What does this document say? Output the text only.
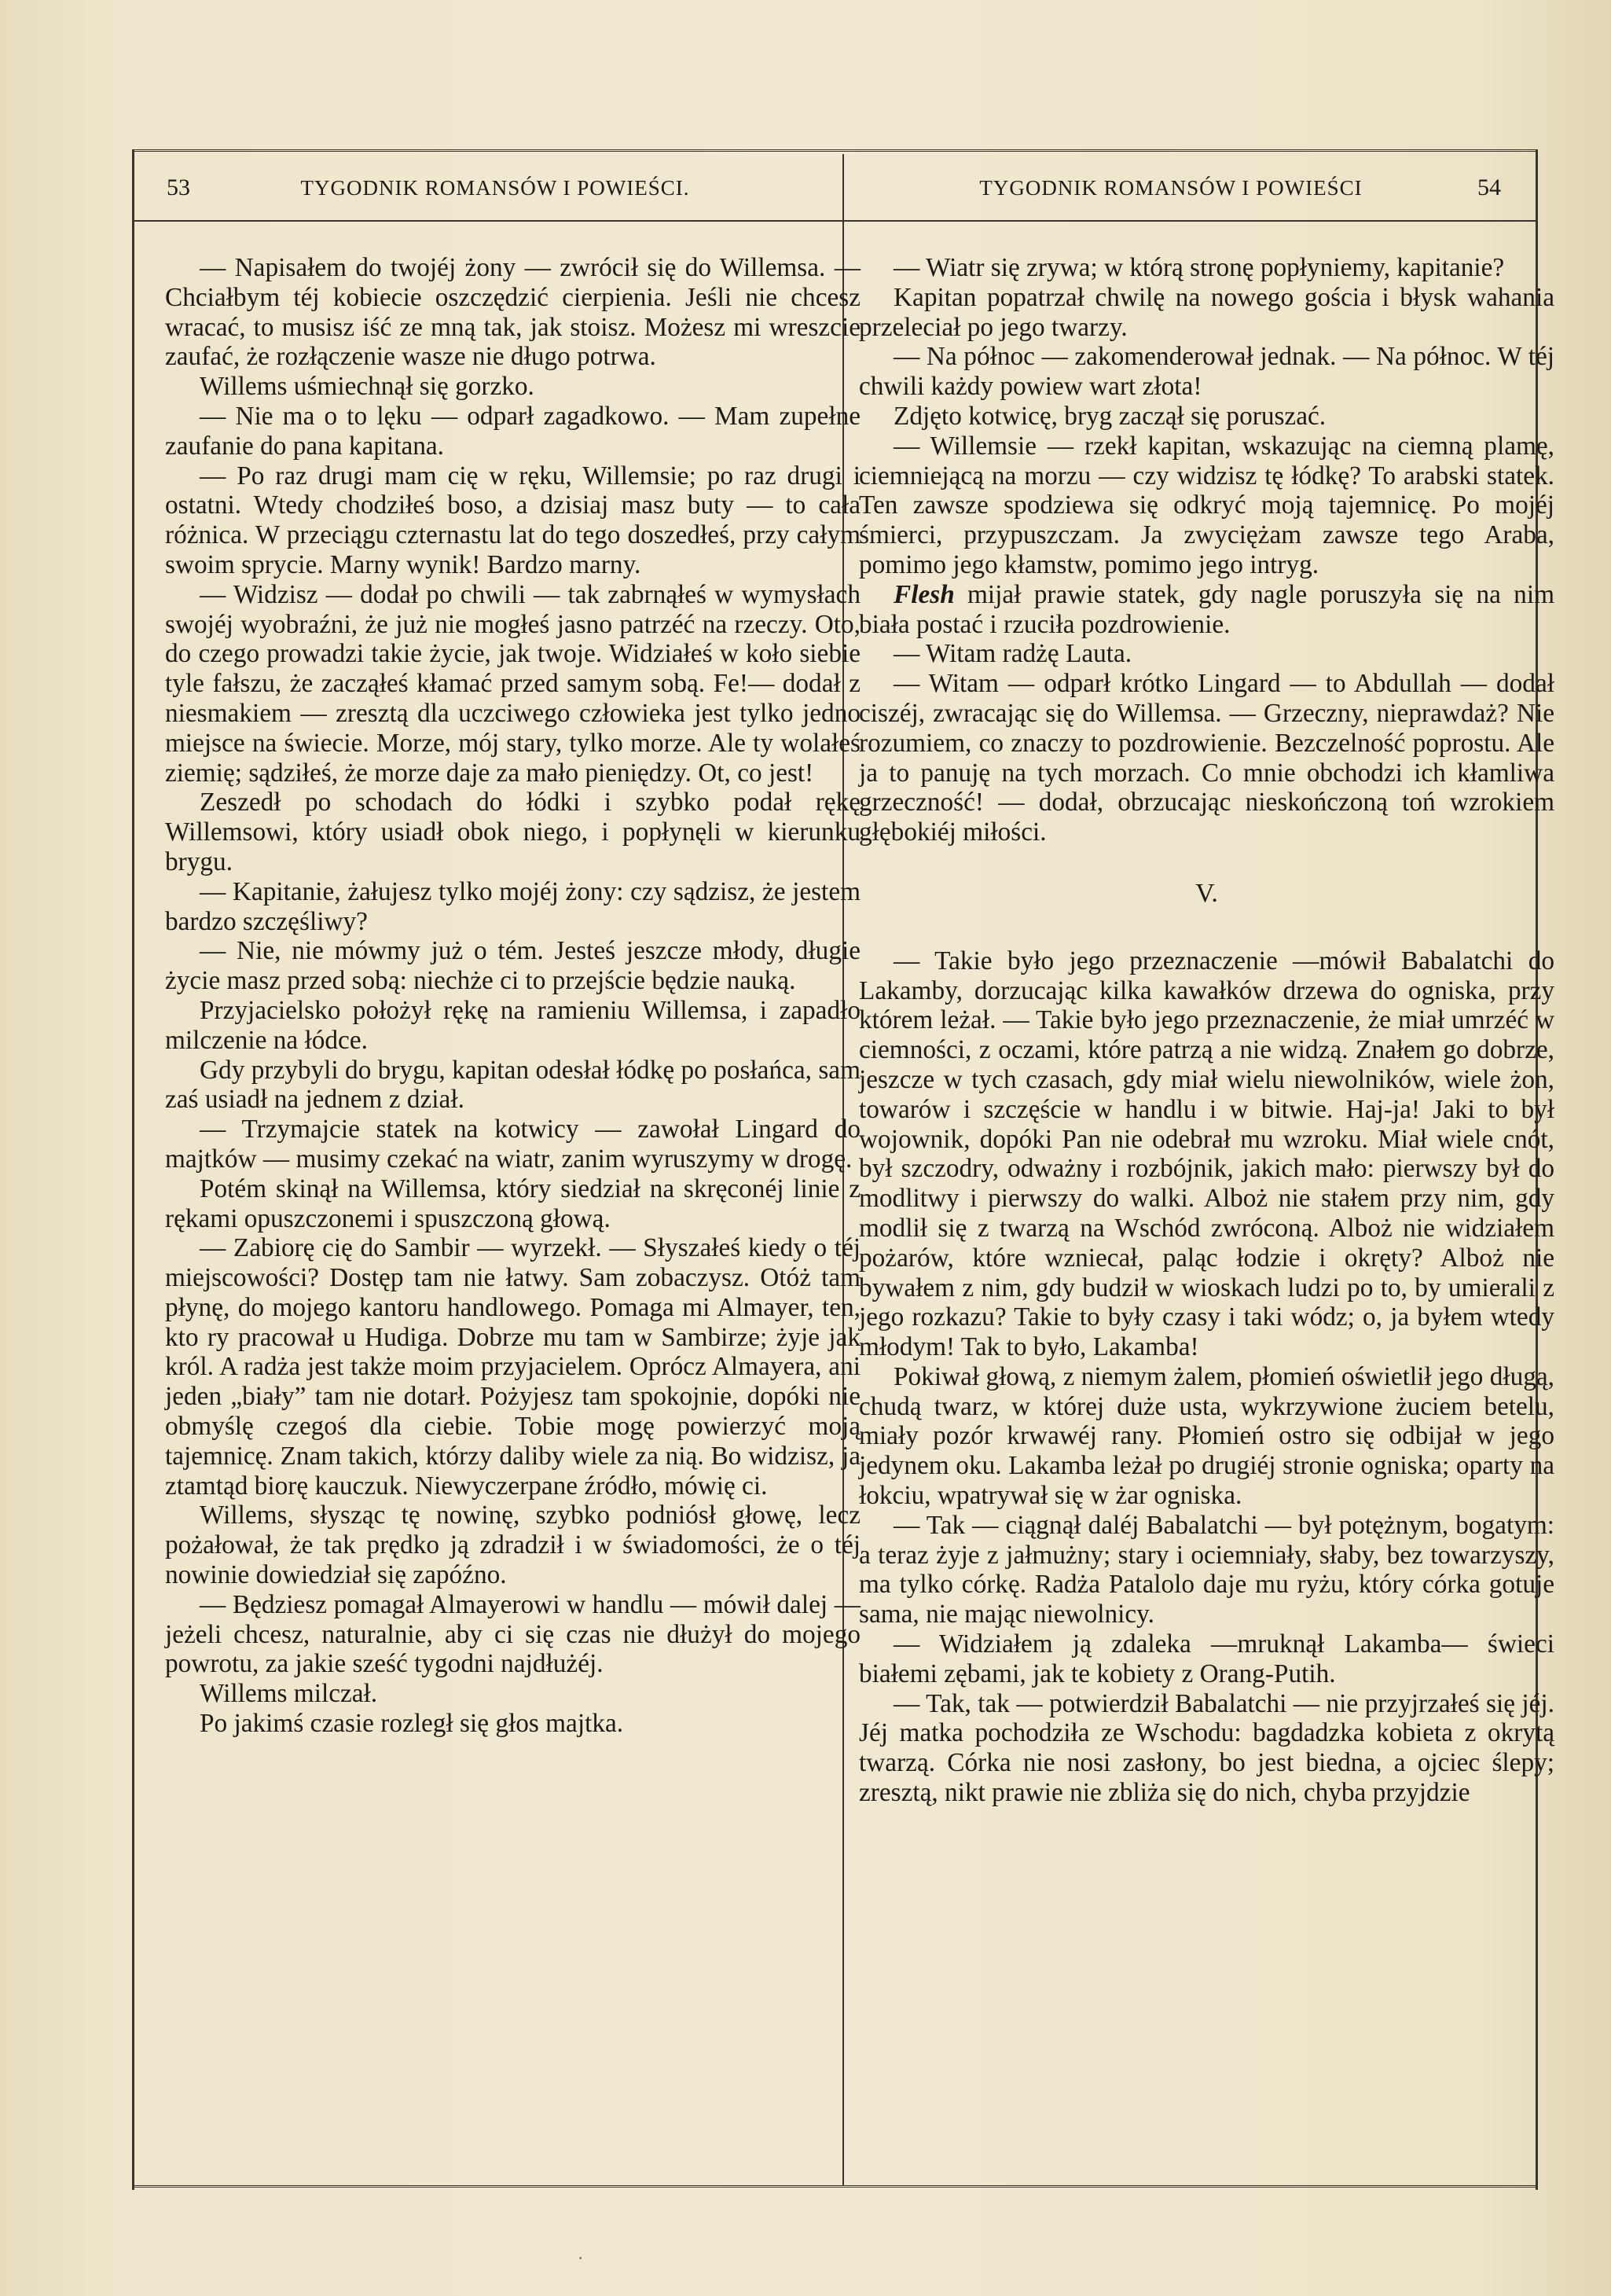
53	TYGODNIK ROMANSÓW I POWIEŚCI.	TYGODNIK ROMANSÓW I POWIEŚCI	54

— Napisałem do twojéj żony — zwrócił się do Willemsa. — Chciałbym téj kobiecie oszczędzić cierpienia. Jeśli nie chcesz wracać, to musisz iść ze mną tak, jak stoisz. Możesz mi wreszcie zaufać, że rozłączenie wasze nie długo potrwa.

Willems uśmiechnął się gorzko.

— Nie ma o to lęku — odparł zagadkowo. — Mam zupełne zaufanie do pana kapitana.

— Po raz drugi mam cię w ręku, Willemsie; po raz drugi i ostatni. Wtedy chodziłeś boso, a dzisiaj masz buty — to cała różnica. W przeciągu czternastu lat do tego doszedłeś, przy całym swoim sprycie. Marny wynik! Bardzo marny.

— Widzisz — dodał po chwili — tak zabrnąłeś w wymysłach swojéj wyobraźni, że już nie mogłeś jasno patrzéć na rzeczy. Oto, do czego prowadzi takie życie, jak twoje. Widziałeś w koło siebie tyle fałszu, że zacząłeś kłamać przed samym sobą. Fe!— dodał z niesmakiem — zresztą dla uczciwego człowieka jest tylko jedno miejsce na świecie. Morze, mój stary, tylko morze. Ale ty wolałeś ziemię; sądziłeś, że morze daje za mało pieniędzy. Ot, co jest!

Zeszedł po schodach do łódki i szybko podał rękę Willemsowi, który usiadł obok niego, i popłynęli w kierunku brygu.

— Kapitanie, żałujesz tylko mojéj żony: czy sądzisz, że jestem bardzo szczęśliwy?

— Nie, nie mówmy już o tém. Jesteś jeszcze młody, długie życie masz przed sobą: niechże ci to przejście będzie nauką.

Przyjacielsko położył rękę na ramieniu Willemsa, i zapadło milczenie na łódce.

Gdy przybyli do brygu, kapitan odesłał łódkę po posłańca, sam zaś usiadł na jednem z dział.

— Trzymajcie statek na kotwicy — zawołał Lingard do majtków — musimy czekać na wiatr, zanim wyruszymy w drogę.

Potém skinął na Willemsa, który siedział na skręconéj linie z rękami opuszczonemi i spuszczoną głową.

— Zabiorę cię do Sambir — wyrzekł. — Słyszałeś kiedy o téj miejscowości? Dostęp tam nie łatwy. Sam zobaczysz. Otóż tam płynę, do mojego kantoru handlowego. Pomaga mi Almayer, ten, kto ry pracował u Hudiga. Dobrze mu tam w Sambirze; żyje jak król. A radża jest także moim przyjacielem. Oprócz Almayera, ani jeden „biały” tam nie dotarł. Pożyjesz tam spokojnie, dopóki nie obmyślę czegoś dla ciebie. Tobie mogę powierzyć moją tajemnicę. Znam takich, którzy daliby wiele za nią. Bo widzisz, ja ztamtąd biorę kauczuk. Niewyczerpane źródło, mówię ci.

Willems, słysząc tę nowinę, szybko podniósł głowę, lecz pożałował, że tak prędko ją zdradził i w świadomości, że o téj nowinie dowiedział się zapóźno.

— Będziesz pomagał Almayerowi w handlu — mówił dalej — jeżeli chcesz, naturalnie, aby ci się czas nie dłużył do mojego powrotu, za jakie sześć tygodni najdłużéj.

Willems milczał.

Po jakimś czasie rozległ się głos majtka.

— Wiatr się zrywa; w którą stronę popłyniemy, kapitanie?

Kapitan popatrzał chwilę na nowego gościa i błysk wahania przeleciał po jego twarzy.

— Na północ — zakomenderował jednak. — Na północ. W téj chwili każdy powiew wart złota!

Zdjęto kotwicę, bryg zaczął się poruszać.

— Willemsie — rzekł kapitan, wskazując na ciemną plamę, ciemniejącą na morzu — czy widzisz tę łódkę? To arabski statek. Ten zawsze spodziewa się odkryć moją tajemnicę. Po mojéj śmierci, przypuszczam. Ja zwyciężam zawsze tego Araba, pomimo jego kłamstw, pomimo jego intryg.

Flesh mijał prawie statek, gdy nagle poruszyła się na nim biała postać i rzuciła pozdrowienie.

— Witam radżę Lauta.

— Witam — odparł krótko Lingard — to Abdullah — dodał ciszéj, zwracając się do Willemsa. — Grzeczny, nieprawdaż? Nie rozumiem, co znaczy to pozdrowienie. Bezczelność poprostu. Ale ja to panuję na tych morzach. Co mnie obchodzi ich kłamliwa grzeczność! — dodał, obrzucając nieskończoną toń wzrokiem głębokiéj miłości.

V.

— Takie było jego przeznaczenie —mówił Babalatchi do Lakamby, dorzucając kilka kawałków drzewa do ogniska, przy którem leżał. — Takie było jego przeznaczenie, że miał umrzéć w ciemności, z oczami, które patrzą a nie widzą. Znałem go dobrze, jeszcze w tych czasach, gdy miał wielu niewolników, wiele żon, towarów i szczęście w handlu i w bitwie. Haj-ja! Jaki to był wojownik, dopóki Pan nie odebrał mu wzroku. Miał wiele cnót, był szczodry, odważny i rozbójnik, jakich mało: pierwszy był do modlitwy i pierwszy do walki. Alboż nie stałem przy nim, gdy modlił się z twarzą na Wschód zwróconą. Alboż nie widziałem pożarów, które wzniecał, paląc łodzie i okręty? Alboż nie bywałem z nim, gdy budził w wioskach ludzi po to, by umierali z jego rozkazu? Takie to były czasy i taki wódz; o, ja byłem wtedy młodym! Tak to było, Lakamba!

Pokiwał głową, z niemym żalem, płomień oświetlił jego długą, chudą twarz, w której duże usta, wykrzywione żuciem betelu, miały pozór krwawéj rany. Płomień ostro się odbijał w jego jedynem oku. Lakamba leżał po drugiéj stronie ogniska; oparty na łokciu, wpatrywał się w żar ogniska.

— Tak — ciągnął daléj Babalatchi — był potężnym, bogatym: a teraz żyje z jałmużny; stary i ociemniały, słaby, bez towarzyszy, ma tylko córkę. Radża Patalolo daje mu ryżu, który córka gotuje sama, nie mając niewolnicy.

— Widziałem ją zdaleka —mruknął Lakamba— świeci białemi zębami, jak te kobiety z Orang-Putih.

— Tak, tak — potwierdził Babalatchi — nie przyjrzałeś się jéj. Jéj matka pochodziła ze Wschodu: bagdadzka kobieta z okrytą twarzą. Córka nie nosi zasłony, bo jest biedna, a ojciec ślepy; zresztą, nikt prawie nie zbliża się do nich, chyba przyjdzie

·
